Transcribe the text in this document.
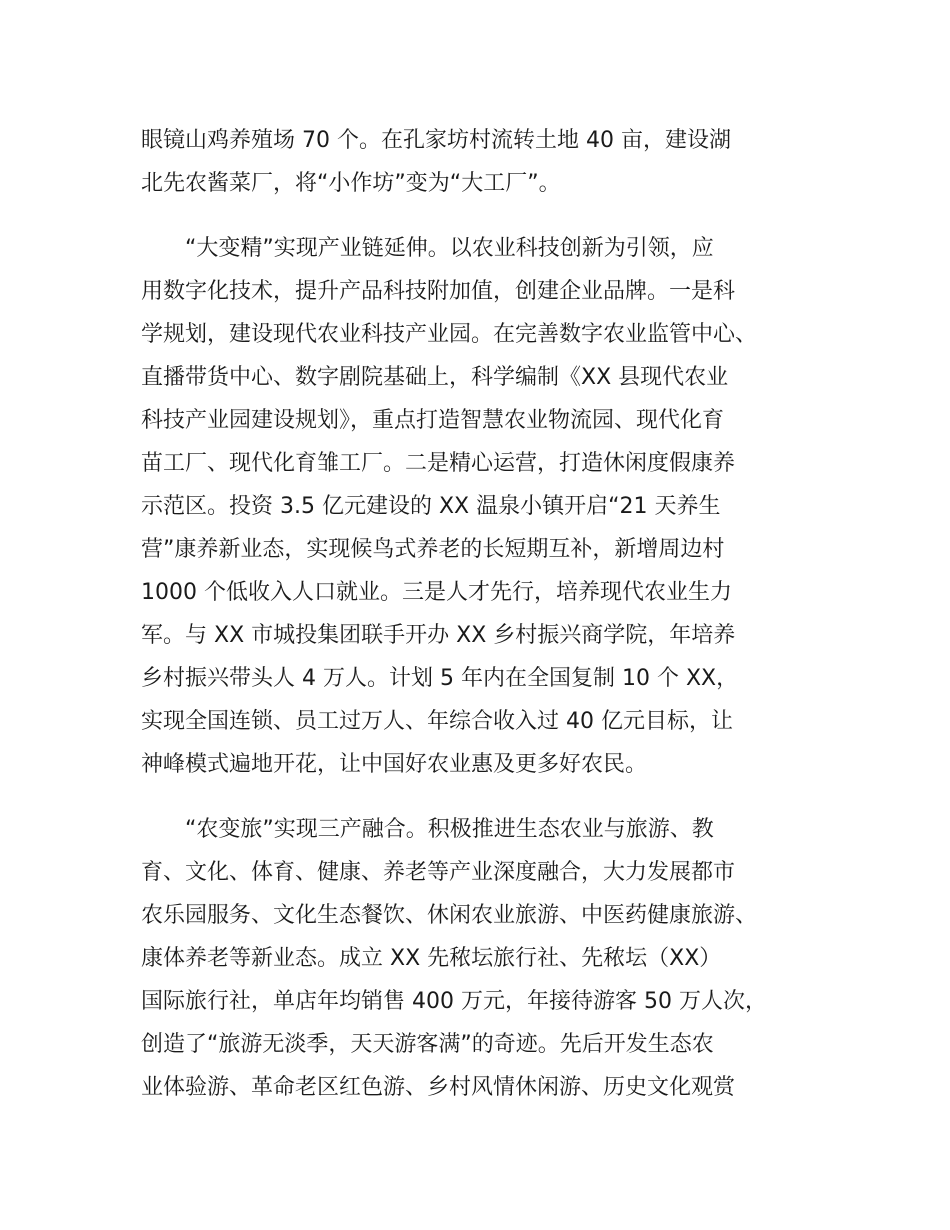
眼镜山鸡养殖场 70 个。在孔家坊村流转土地 40 亩，建设湖
北先农酱菜厂，将“小作坊”变为“大工厂”。
“大变精”实现产业链延伸。以农业科技创新为引领，应
用数字化技术，提升产品科技附加值，创建企业品牌。一是科
学规划，建设现代农业科技产业园。在完善数字农业监管中心、
直播带货中心、数字剧院基础上，科学编制《XX 县现代农业
科技产业园建设规划》，重点打造智慧农业物流园、现代化育
苗工厂、现代化育雏工厂。二是精心运营，打造休闲度假康养
示范区。投资 3.5 亿元建设的 XX 温泉小镇开启“21 天养生
营”康养新业态，实现候鸟式养老的长短期互补，新增周边村
1000 个低收入人口就业。三是人才先行，培养现代农业生力
军。与 XX 市城投集团联手开办 XX 乡村振兴商学院，年培养
乡村振兴带头人 4 万人。计划 5 年内在全国复制 10 个 XX，
实现全国连锁、员工过万人、年综合收入过 40 亿元目标，让
神峰模式遍地开花，让中国好农业惠及更多好农民。
“农变旅”实现三产融合。积极推进生态农业与旅游、教
育、文化、体育、健康、养老等产业深度融合，大力发展都市
农乐园服务、文化生态餐饮、休闲农业旅游、中医药健康旅游、
康体养老等新业态。成立 XX 先秾坛旅行社、先秾坛（XX）
国际旅行社，单店年均销售 400 万元，年接待游客 50 万人次，
创造了“旅游无淡季，天天游客满”的奇迹。先后开发生态农
业体验游、革命老区红色游、乡村风情休闲游、历史文化观赏
